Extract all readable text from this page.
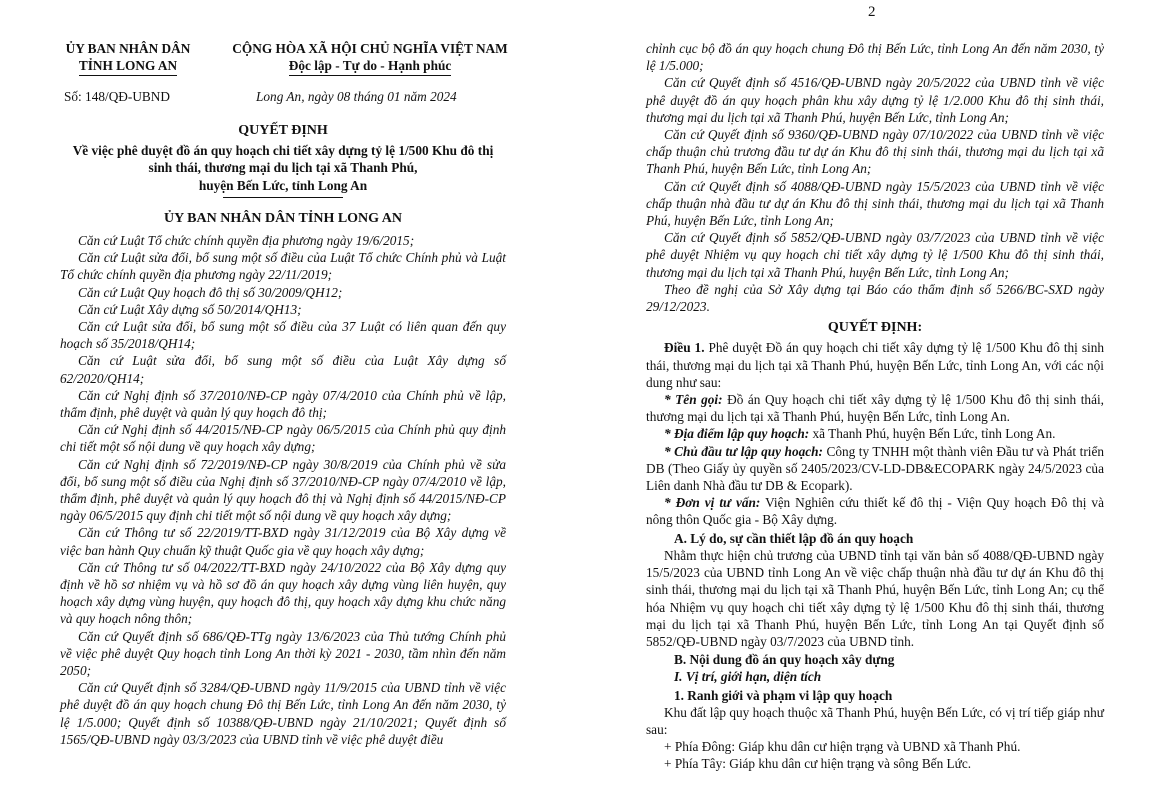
2
ỦY BAN NHÂN DÂN
TỈNH LONG AN
CỘNG HÒA XÃ HỘI CHỦ NGHĨA VIỆT NAM
Độc lập - Tự do - Hạnh phúc
Số: 148/QĐ-UBND	Long An, ngày 08 tháng 01 năm 2024
QUYẾT ĐỊNH
Về việc phê duyệt đồ án quy hoạch chi tiết xây dựng tỷ lệ 1/500 Khu đô thị
sinh thái, thương mại du lịch tại xã Thanh Phú,
huyện Bến Lức, tỉnh Long An
ỦY BAN NHÂN DÂN TỈNH LONG AN

Căn cứ Luật Tổ chức chính quyền địa phương ngày 19/6/2015;

Căn cứ Luật sửa đổi, bổ sung một số điều của Luật Tổ chức Chính phủ và Luật Tổ chức chính quyền địa phương ngày 22/11/2019;

Căn cứ Luật Quy hoạch đô thị số 30/2009/QH12;

Căn cứ Luật Xây dựng số 50/2014/QH13;

Căn cứ Luật sửa đổi, bổ sung một số điều của 37 Luật có liên quan đến quy hoạch số 35/2018/QH14;

Căn cứ Luật sửa đổi, bổ sung một số điều của Luật Xây dựng số 62/2020/QH14;

Căn cứ Nghị định số 37/2010/NĐ-CP ngày 07/4/2010 của Chính phủ về lập, thẩm định, phê duyệt và quản lý quy hoạch đô thị;

Căn cứ Nghị định số 44/2015/NĐ-CP ngày 06/5/2015 của Chính phủ quy định chi tiết một số nội dung về quy hoạch xây dựng;

Căn cứ Nghị định số 72/2019/NĐ-CP ngày 30/8/2019 của Chính phủ về sửa đổi, bổ sung một số điều của Nghị định số 37/2010/NĐ-CP ngày 07/4/2010 về lập, thẩm định, phê duyệt và quản lý quy hoạch đô thị và Nghị định số 44/2015/NĐ-CP ngày 06/5/2015 quy định chi tiết một số nội dung về quy hoạch xây dựng;

Căn cứ Thông tư số 22/2019/TT-BXD ngày 31/12/2019 của Bộ Xây dựng về việc ban hành Quy chuẩn kỹ thuật Quốc gia về quy hoạch xây dựng;

Căn cứ Thông tư số 04/2022/TT-BXD ngày 24/10/2022 của Bộ Xây dựng quy định về hồ sơ nhiệm vụ và hồ sơ đồ án quy hoạch xây dựng vùng liên huyện, quy hoạch xây dựng vùng huyện, quy hoạch đô thị, quy hoạch xây dựng khu chức năng và quy hoạch nông thôn;

Căn cứ Quyết định số 686/QĐ-TTg ngày 13/6/2023 của Thủ tướng Chính phủ về việc phê duyệt Quy hoạch tỉnh Long An thời kỳ 2021 - 2030, tầm nhìn đến năm 2050;

Căn cứ Quyết định số 3284/QĐ-UBND ngày 11/9/2015 của UBND tỉnh về việc phê duyệt đồ án quy hoạch chung Đô thị Bến Lức, tỉnh Long An đến năm 2030, tỷ lệ 1/5.000; Quyết định số 10388/QĐ-UBND ngày 21/10/2021; Quyết định số 1565/QĐ-UBND ngày 03/3/2023 của UBND tỉnh về việc phê duyệt điều

chỉnh cục bộ đồ án quy hoạch chung Đô thị Bến Lức, tỉnh Long An đến năm 2030, tỷ lệ 1/5.000;

Căn cứ Quyết định số 4516/QĐ-UBND ngày 20/5/2022 của UBND tỉnh về việc phê duyệt đồ án quy hoạch phân khu xây dựng tỷ lệ 1/2.000 Khu đô thị sinh thái, thương mại du lịch tại xã Thanh Phú, huyện Bến Lức, tỉnh Long An;

Căn cứ Quyết định số 9360/QĐ-UBND ngày 07/10/2022 của UBND tỉnh về việc chấp thuận chủ trương đầu tư dự án Khu đô thị sinh thái, thương mại du lịch tại xã Thanh Phú, huyện Bến Lức, tỉnh Long An;

Căn cứ Quyết định số 4088/QĐ-UBND ngày 15/5/2023 của UBND tỉnh về việc chấp thuận nhà đầu tư dự án Khu đô thị sinh thái, thương mại du lịch tại xã Thanh Phú, huyện Bến Lức, tỉnh Long An;

Căn cứ Quyết định số 5852/QĐ-UBND ngày 03/7/2023 của UBND tỉnh về việc phê duyệt Nhiệm vụ quy hoạch chi tiết xây dựng tỷ lệ 1/500 Khu đô thị sinh thái, thương mại du lịch tại xã Thanh Phú, huyện Bến Lức, tỉnh Long An;

Theo đề nghị của Sở Xây dựng tại Báo cáo thẩm định số 5266/BC-SXD ngày 29/12/2023.

QUYẾT ĐỊNH:

Điều 1. Phê duyệt Đồ án quy hoạch chi tiết xây dựng tỷ lệ 1/500 Khu đô thị sinh thái, thương mại du lịch tại xã Thanh Phú, huyện Bến Lức, tỉnh Long An, với các nội dung như sau:

* Tên gọi: Đồ án Quy hoạch chi tiết xây dựng tỷ lệ 1/500 Khu đô thị sinh thái, thương mại du lịch tại xã Thanh Phú, huyện Bến Lức, tỉnh Long An.

* Địa điểm lập quy hoạch: xã Thanh Phú, huyện Bến Lức, tỉnh Long An.

* Chủ đầu tư lập quy hoạch: Công ty TNHH một thành viên Đầu tư và Phát triển DB (Theo Giấy ủy quyền số 2405/2023/CV-LD-DB&ECOPARK ngày 24/5/2023 của Liên danh Nhà đầu tư DB & Ecopark).

* Đơn vị tư vấn: Viện Nghiên cứu thiết kế đô thị - Viện Quy hoạch Đô thị và nông thôn Quốc gia - Bộ Xây dựng.

A. Lý do, sự cần thiết lập đồ án quy hoạch

Nhằm thực hiện chủ trương của UBND tỉnh tại văn bản số 4088/QĐ-UBND ngày 15/5/2023 của UBND tỉnh Long An về việc chấp thuận nhà đầu tư dự án Khu đô thị sinh thái, thương mại du lịch tại xã Thanh Phú, huyện Bến Lức, tỉnh Long An; cụ thể hóa Nhiệm vụ quy hoạch chi tiết xây dựng tỷ lệ 1/500 Khu đô thị sinh thái, thương mại du lịch tại xã Thanh Phú, huyện Bến Lức, tỉnh Long An tại Quyết định số 5852/QĐ-UBND ngày 03/7/2023 của UBND tỉnh.

B. Nội dung đồ án quy hoạch xây dựng

I. Vị trí, giới hạn, diện tích

1. Ranh giới và phạm vi lập quy hoạch

Khu đất lập quy hoạch thuộc xã Thanh Phú, huyện Bến Lức, có vị trí tiếp giáp như sau:

+ Phía Đông: Giáp khu dân cư hiện trạng và UBND xã Thanh Phú.

+ Phía Tây: Giáp khu dân cư hiện trạng và sông Bến Lức.
